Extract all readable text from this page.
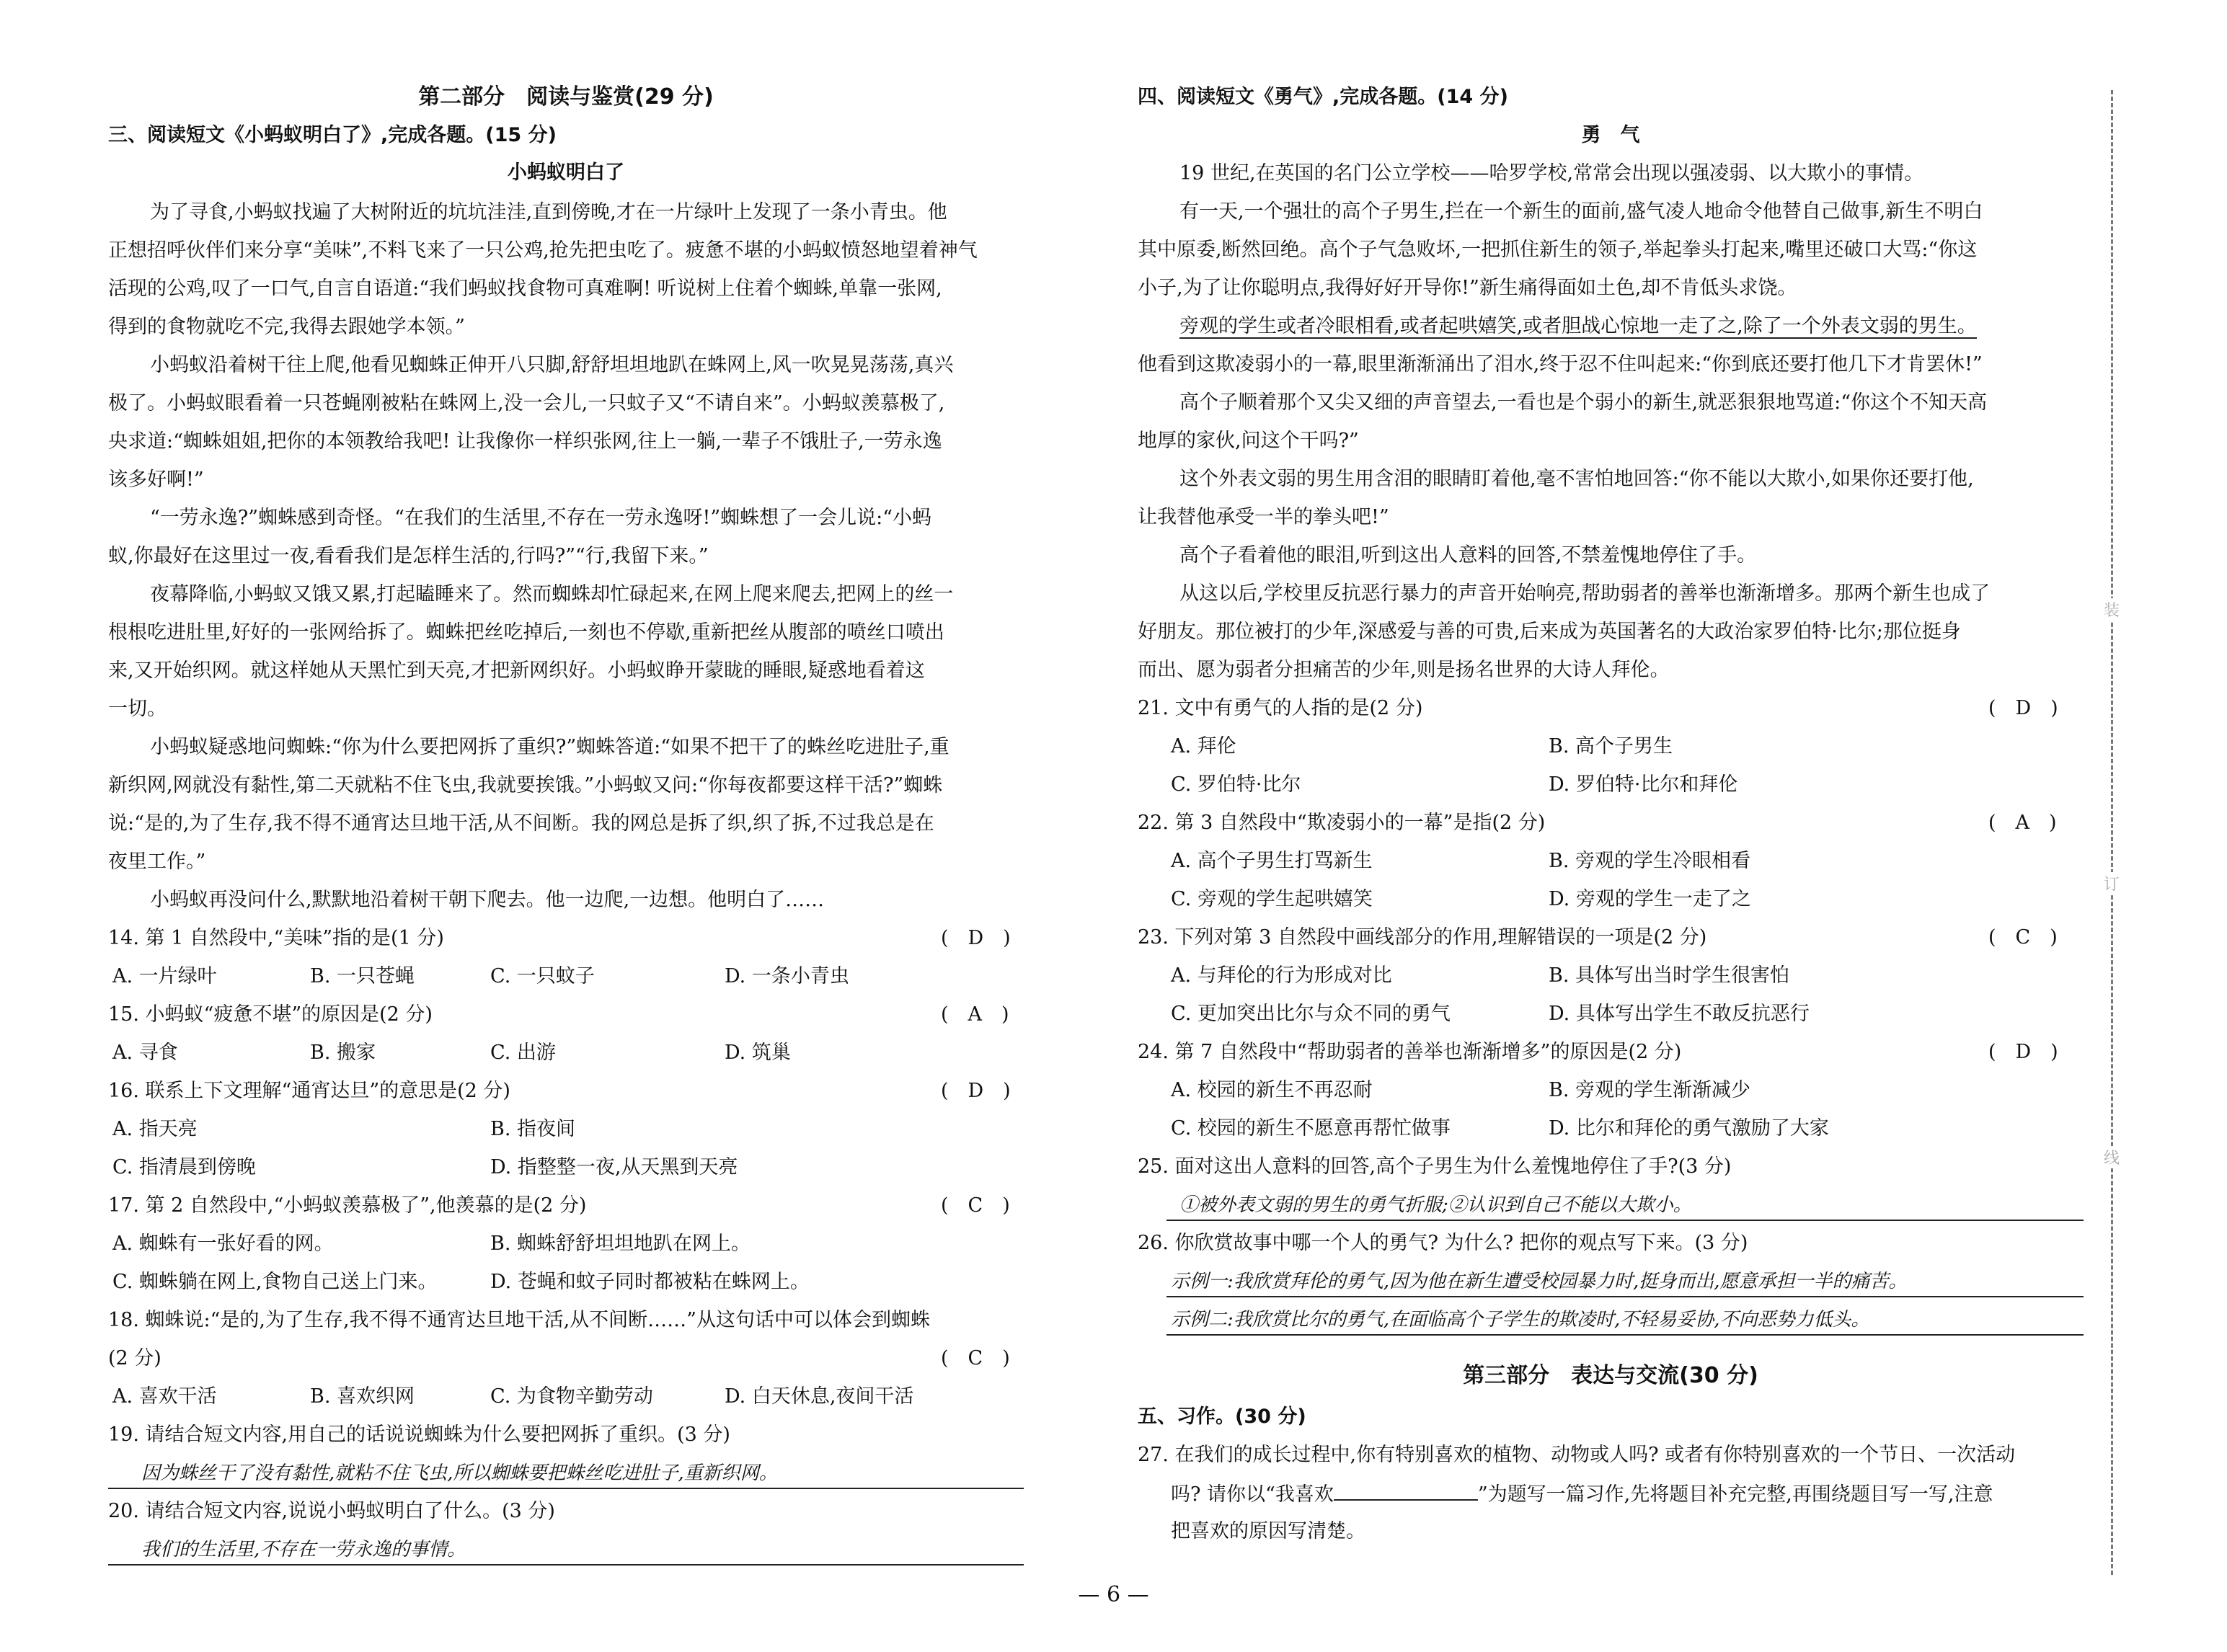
第二部分　阅读与鉴赏(29 分)
三、阅读短文《小蚂蚁明白了》,完成各题。(15 分)
小蚂蚁明白了
为了寻食,小蚂蚁找遍了大树附近的坑坑洼洼,直到傍晚,才在一片绿叶上发现了一条小青虫。他
正想招呼伙伴们来分享“美味”,不料飞来了一只公鸡,抢先把虫吃了。疲惫不堪的小蚂蚁愤怒地望着神气
活现的公鸡,叹了一口气,自言自语道:“我们蚂蚁找食物可真难啊! 听说树上住着个蜘蛛,单靠一张网,
得到的食物就吃不完,我得去跟她学本领。”
小蚂蚁沿着树干往上爬,他看见蜘蛛正伸开八只脚,舒舒坦坦地趴在蛛网上,风一吹晃晃荡荡,真兴
极了。小蚂蚁眼看着一只苍蝇刚被粘在蛛网上,没一会儿,一只蚊子又“不请自来”。小蚂蚁羡慕极了,
央求道:“蜘蛛姐姐,把你的本领教给我吧! 让我像你一样织张网,往上一躺,一辈子不饿肚子,一劳永逸
该多好啊!”
“一劳永逸?”蜘蛛感到奇怪。“在我们的生活里,不存在一劳永逸呀!”蜘蛛想了一会儿说:“小蚂
蚁,你最好在这里过一夜,看看我们是怎样生活的,行吗?”“行,我留下来。”
夜幕降临,小蚂蚁又饿又累,打起瞌睡来了。然而蜘蛛却忙碌起来,在网上爬来爬去,把网上的丝一
根根吃进肚里,好好的一张网给拆了。蜘蛛把丝吃掉后,一刻也不停歇,重新把丝从腹部的喷丝口喷出
来,又开始织网。就这样她从天黑忙到天亮,才把新网织好。小蚂蚁睁开蒙眬的睡眼,疑惑地看着这
一切。
小蚂蚁疑惑地问蜘蛛:“你为什么要把网拆了重织?”蜘蛛答道:“如果不把干了的蛛丝吃进肚子,重
新织网,网就没有黏性,第二天就粘不住飞虫,我就要挨饿。”小蚂蚁又问:“你每夜都要这样干活?”蜘蛛
说:“是的,为了生存,我不得不通宵达旦地干活,从不间断。我的网总是拆了织,织了拆,不过我总是在
夜里工作。”
小蚂蚁再没问什么,默默地沿着树干朝下爬去。他一边爬,一边想。他明白了……
14. 第 1 自然段中,“美味”指的是(1 分)	(　D　)
A. 一片绿叶	B. 一只苍蝇	C. 一只蚊子	D. 一条小青虫
15. 小蚂蚁“疲惫不堪”的原因是(2 分)	(　A　)
A. 寻食	B. 搬家	C. 出游	D. 筑巢
16. 联系上下文理解“通宵达旦”的意思是(2 分)	(　D　)
A. 指天亮	B. 指夜间
C. 指清晨到傍晚	D. 指整整一夜,从天黑到天亮
17. 第 2 自然段中,“小蚂蚁羡慕极了”,他羡慕的是(2 分)	(　C　)
A. 蜘蛛有一张好看的网。	B. 蜘蛛舒舒坦坦地趴在网上。
C. 蜘蛛躺在网上,食物自己送上门来。	D. 苍蝇和蚊子同时都被粘在蛛网上。
18. 蜘蛛说:“是的,为了生存,我不得不通宵达旦地干活,从不间断……”从这句话中可以体会到蜘蛛
(2 分)	(　C　)
A. 喜欢干活	B. 喜欢织网	C. 为食物辛勤劳动	D. 白天休息,夜间干活
19. 请结合短文内容,用自己的话说说蜘蛛为什么要把网拆了重织。(3 分)
因为蛛丝干了没有黏性,就粘不住飞虫,所以蜘蛛要把蛛丝吃进肚子,重新织网。
20. 请结合短文内容,说说小蚂蚁明白了什么。(3 分)
我们的生活里,不存在一劳永逸的事情。
四、阅读短文《勇气》,完成各题。(14 分)
勇　气
19 世纪,在英国的名门公立学校——哈罗学校,常常会出现以强凌弱、以大欺小的事情。
有一天,一个强壮的高个子男生,拦在一个新生的面前,盛气凌人地命令他替自己做事,新生不明白
其中原委,断然回绝。高个子气急败坏,一把抓住新生的领子,举起拳头打起来,嘴里还破口大骂:“你这
小子,为了让你聪明点,我得好好开导你!”新生痛得面如土色,却不肯低头求饶。
旁观的学生或者冷眼相看,或者起哄嬉笑,或者胆战心惊地一走了之,除了一个外表文弱的男生。
他看到这欺凌弱小的一幕,眼里渐渐涌出了泪水,终于忍不住叫起来:“你到底还要打他几下才肯罢休!”
高个子顺着那个又尖又细的声音望去,一看也是个弱小的新生,就恶狠狠地骂道:“你这个不知天高
地厚的家伙,问这个干吗?”
这个外表文弱的男生用含泪的眼睛盯着他,毫不害怕地回答:“你不能以大欺小,如果你还要打他,
让我替他承受一半的拳头吧!”
高个子看着他的眼泪,听到这出人意料的回答,不禁羞愧地停住了手。
从这以后,学校里反抗恶行暴力的声音开始响亮,帮助弱者的善举也渐渐增多。那两个新生也成了
好朋友。那位被打的少年,深感爱与善的可贵,后来成为英国著名的大政治家罗伯特·比尔;那位挺身
而出、愿为弱者分担痛苦的少年,则是扬名世界的大诗人拜伦。
21. 文中有勇气的人指的是(2 分)	(　D　)
A. 拜伦	B. 高个子男生
C. 罗伯特·比尔	D. 罗伯特·比尔和拜伦
22. 第 3 自然段中“欺凌弱小的一幕”是指(2 分)	(　A　)
A. 高个子男生打骂新生	B. 旁观的学生冷眼相看
C. 旁观的学生起哄嬉笑	D. 旁观的学生一走了之
23. 下列对第 3 自然段中画线部分的作用,理解错误的一项是(2 分)	(　C　)
A. 与拜伦的行为形成对比	B. 具体写出当时学生很害怕
C. 更加突出比尔与众不同的勇气	D. 具体写出学生不敢反抗恶行
24. 第 7 自然段中“帮助弱者的善举也渐渐增多”的原因是(2 分)	(　D　)
A. 校园的新生不再忍耐	B. 旁观的学生渐渐减少
C. 校园的新生不愿意再帮忙做事	D. 比尔和拜伦的勇气激励了大家
25. 面对这出人意料的回答,高个子男生为什么羞愧地停住了手?(3 分)
①被外表文弱的男生的勇气折服;②认识到自己不能以大欺小。
26. 你欣赏故事中哪一个人的勇气? 为什么? 把你的观点写下来。(3 分)
示例一:我欣赏拜伦的勇气,因为他在新生遭受校园暴力时,挺身而出,愿意承担一半的痛苦。
示例二:我欣赏比尔的勇气,在面临高个子学生的欺凌时,不轻易妥协,不向恶势力低头。
第三部分　表达与交流(30 分)
五、习作。(30 分)
27. 在我们的成长过程中,你有特别喜欢的植物、动物或人吗? 或者有你特别喜欢的一个节日、一次活动
吗? 请你以“我喜欢	”为题写一篇习作,先将题目补充完整,再围绕题目写一写,注意
把喜欢的原因写清楚。
装
订
线
— 6 —
